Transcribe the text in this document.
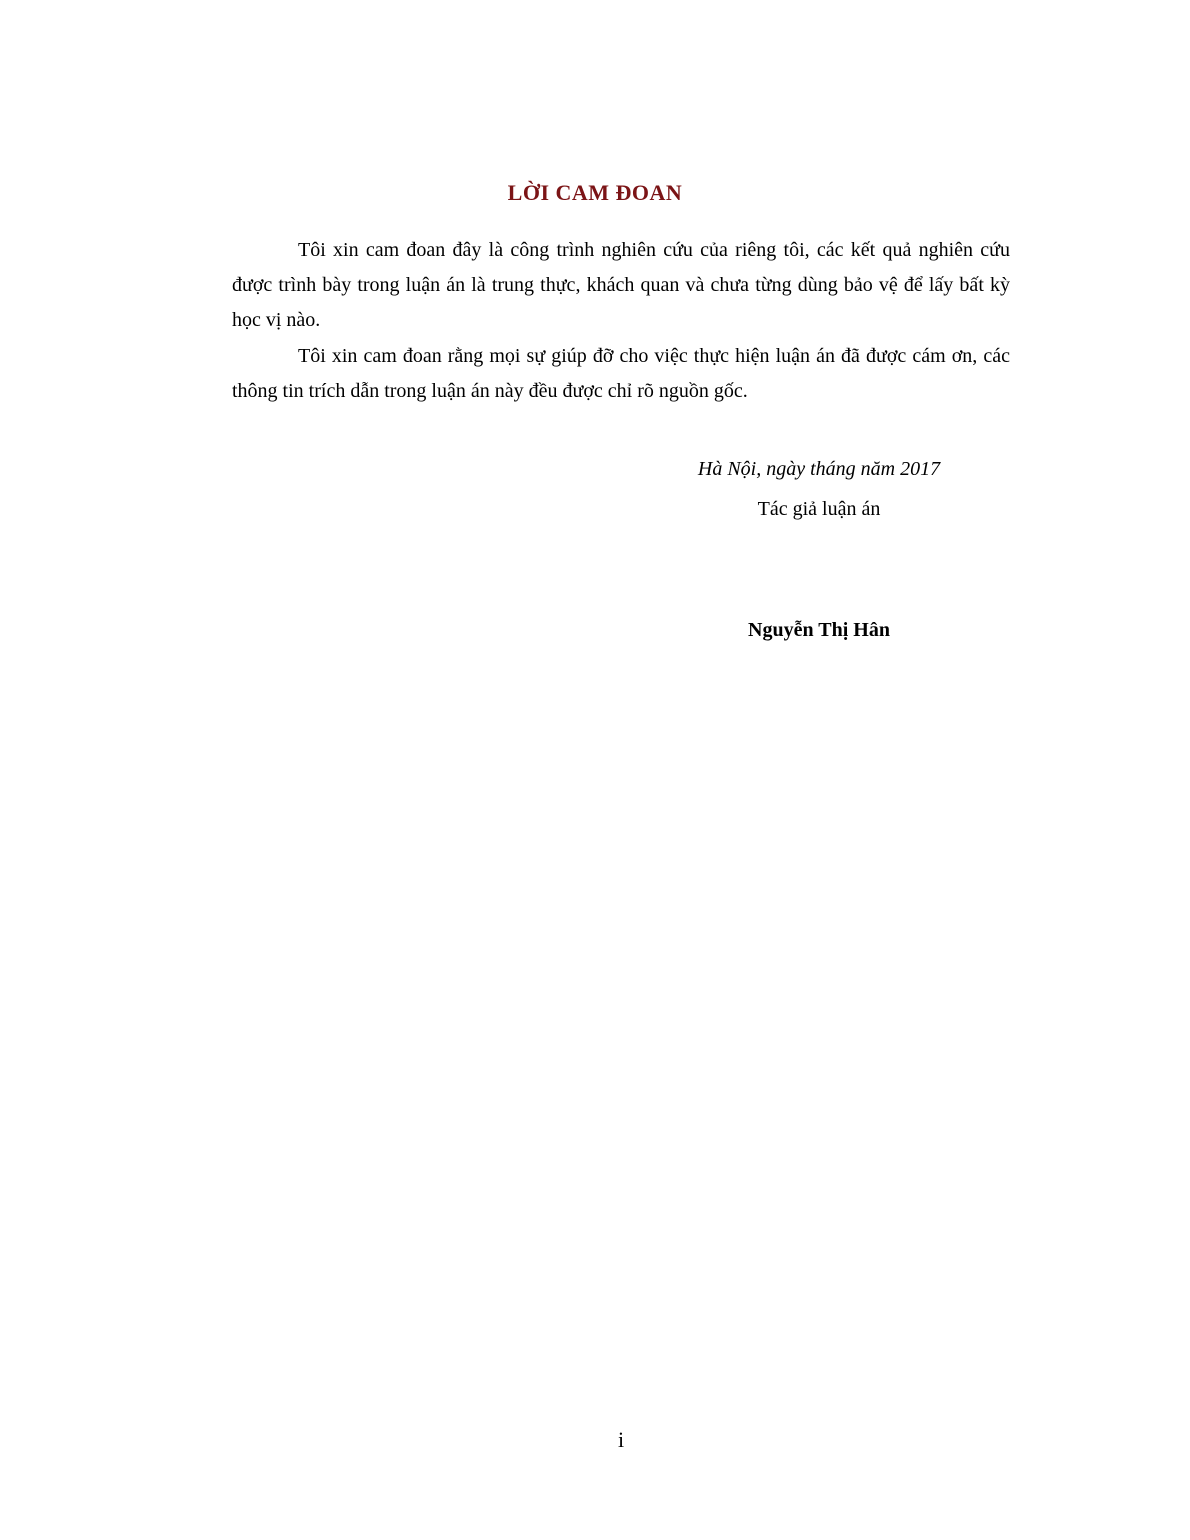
LỜI CAM ĐOAN

Tôi xin cam đoan đây là công trình nghiên cứu của riêng tôi, các kết quả nghiên cứu được trình bày trong luận án là trung thực, khách quan và chưa từng dùng bảo vệ để lấy bất kỳ học vị nào.

Tôi xin cam đoan rằng mọi sự giúp đỡ cho việc thực hiện luận án đã được cám ơn, các thông tin trích dẫn trong luận án này đều được chỉ rõ nguồn gốc.

Hà Nội, ngày tháng năm 2017

Tác giả luận án

Nguyễn Thị Hân

i
